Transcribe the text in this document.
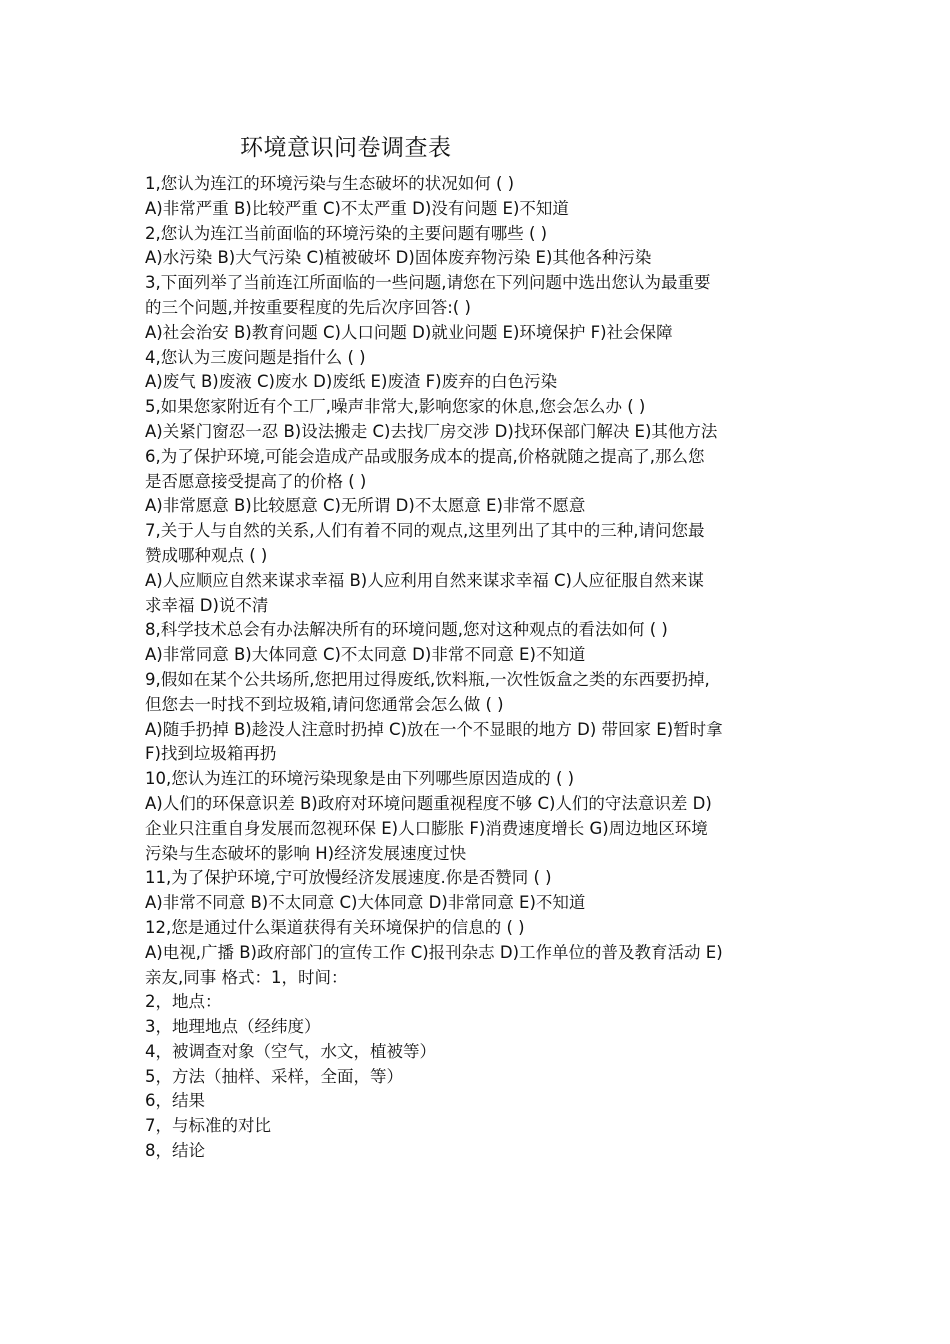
环境意识问卷调查表
1,您认为连江的环境污染与生态破坏的状况如何 ( )
A)非常严重 B)比较严重 C)不太严重 D)没有问题 E)不知道
2,您认为连江当前面临的环境污染的主要问题有哪些 ( )
A)水污染 B)大气污染 C)植被破坏 D)固体废弃物污染 E)其他各种污染
3,下面列举了当前连江所面临的一些问题,请您在下列问题中选出您认为最重要
的三个问题,并按重要程度的先后次序回答:( )
A)社会治安 B)教育问题 C)人口问题 D)就业问题 E)环境保护 F)社会保障
4,您认为三废问题是指什么 ( )
A)废气 B)废液 C)废水 D)废纸 E)废渣 F)废弃的白色污染
5,如果您家附近有个工厂,噪声非常大,影响您家的休息,您会怎么办 ( )
A)关紧门窗忍一忍 B)设法搬走 C)去找厂房交涉 D)找环保部门解决 E)其他方法
6,为了保护环境,可能会造成产品或服务成本的提高,价格就随之提高了,那么您
是否愿意接受提高了的价格 ( )
A)非常愿意 B)比较愿意 C)无所谓 D)不太愿意 E)非常不愿意
7,关于人与自然的关系,人们有着不同的观点,这里列出了其中的三种,请问您最
赞成哪种观点 ( )
A)人应顺应自然来谋求幸福 B)人应利用自然来谋求幸福 C)人应征服自然来谋
求幸福 D)说不清
8,科学技术总会有办法解决所有的环境问题,您对这种观点的看法如何 ( )
A)非常同意 B)大体同意 C)不太同意 D)非常不同意 E)不知道
9,假如在某个公共场所,您把用过得废纸,饮料瓶,一次性饭盒之类的东西要扔掉,
但您去一时找不到垃圾箱,请问您通常会怎么做 ( )
A)随手扔掉 B)趁没人注意时扔掉 C)放在一个不显眼的地方 D) 带回家 E)暂时拿
F)找到垃圾箱再扔
10,您认为连江的环境污染现象是由下列哪些原因造成的 ( )
A)人们的环保意识差 B)政府对环境问题重视程度不够 C)人们的守法意识差 D)
企业只注重自身发展而忽视环保 E)人口膨胀 F)消费速度增长 G)周边地区环境
污染与生态破坏的影响 H)经济发展速度过快
11,为了保护环境,宁可放慢经济发展速度.你是否赞同 ( )
A)非常不同意 B)不太同意 C)大体同意 D)非常同意 E)不知道
12,您是通过什么渠道获得有关环境保护的信息的 ( )
A)电视,广播 B)政府部门的宣传工作 C)报刊杂志 D)工作单位的普及教育活动 E)
亲友,同事 格式：1，时间：
2，地点：
3，地理地点（经纬度）
4，被调查对象（空气，水文，植被等）
5，方法（抽样、采样，全面，等）
6，结果
7，与标准的对比
8，结论
